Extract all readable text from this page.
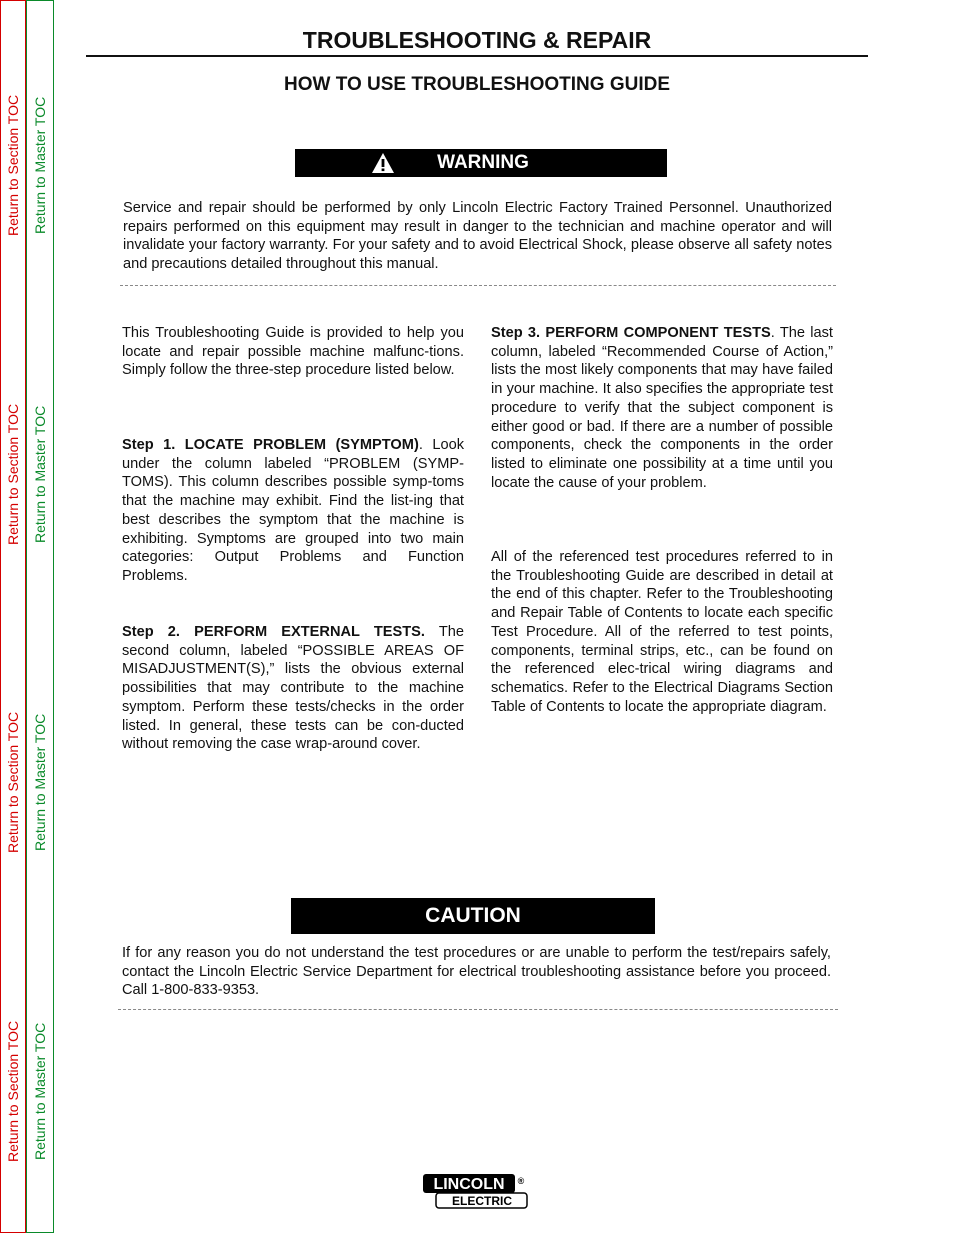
Return to Section TOC
Return to Section TOC
Return to Section TOC
Return to Section TOC
Return to Master TOC
Return to Master TOC
Return to Master TOC
Return to Master TOC
TROUBLESHOOTING & REPAIR
HOW TO USE TROUBLESHOOTING GUIDE
WARNING

Service and repair should be performed by only Lincoln Electric Factory Trained Personnel. Unauthorized repairs performed on this equipment may result in danger to the technician and machine operator and will invalidate your factory warranty. For your safety and to avoid Electrical Shock, please observe all safety notes and precautions detailed throughout this manual.

This Troubleshooting Guide is provided to help you locate and repair possible machine malfunc-tions. Simply follow the three-step procedure listed below.

Step 1. LOCATE PROBLEM (SYMPTOM). Look under the column labeled “PROBLEM (SYMP-TOMS). This column describes possible symp-toms that the machine may exhibit. Find the list-ing that best describes the symptom that the machine is exhibiting. Symptoms are grouped into two main categories: Output Problems and Function Problems.

Step 2. PERFORM EXTERNAL TESTS. The second column, labeled “POSSIBLE AREAS OF MISADJUSTMENT(S),” lists the obvious external possibilities that may contribute to the machine symptom. Perform these tests/checks in the order listed. In general, these tests can be con-ducted without removing the case wrap-around cover.

Step 3. PERFORM COMPONENT TESTS. The last column, labeled “Recommended Course of Action,” lists the most likely components that may have failed in your machine. It also specifies the appropriate test procedure to verify that the subject component is either good or bad. If there are a number of possible components, check the components in the order listed to eliminate one possibility at a time until you locate the cause of your problem.

All of the referenced test procedures referred to in the Troubleshooting Guide are described in detail at the end of this chapter. Refer to the Troubleshooting and Repair Table of Contents to locate each specific Test Procedure. All of the referred to test points, components, terminal strips, etc., can be found on the referenced elec-trical wiring diagrams and schematics. Refer to the Electrical Diagrams Section Table of Contents to locate the appropriate diagram.

CAUTION

If for any reason you do not understand the test procedures or are unable to perform the test/repairs safely, contact the Lincoln Electric Service Department for electrical troubleshooting assistance before you proceed. Call 1-800-833-9353.

LINCOLN ®
ELECTRIC
